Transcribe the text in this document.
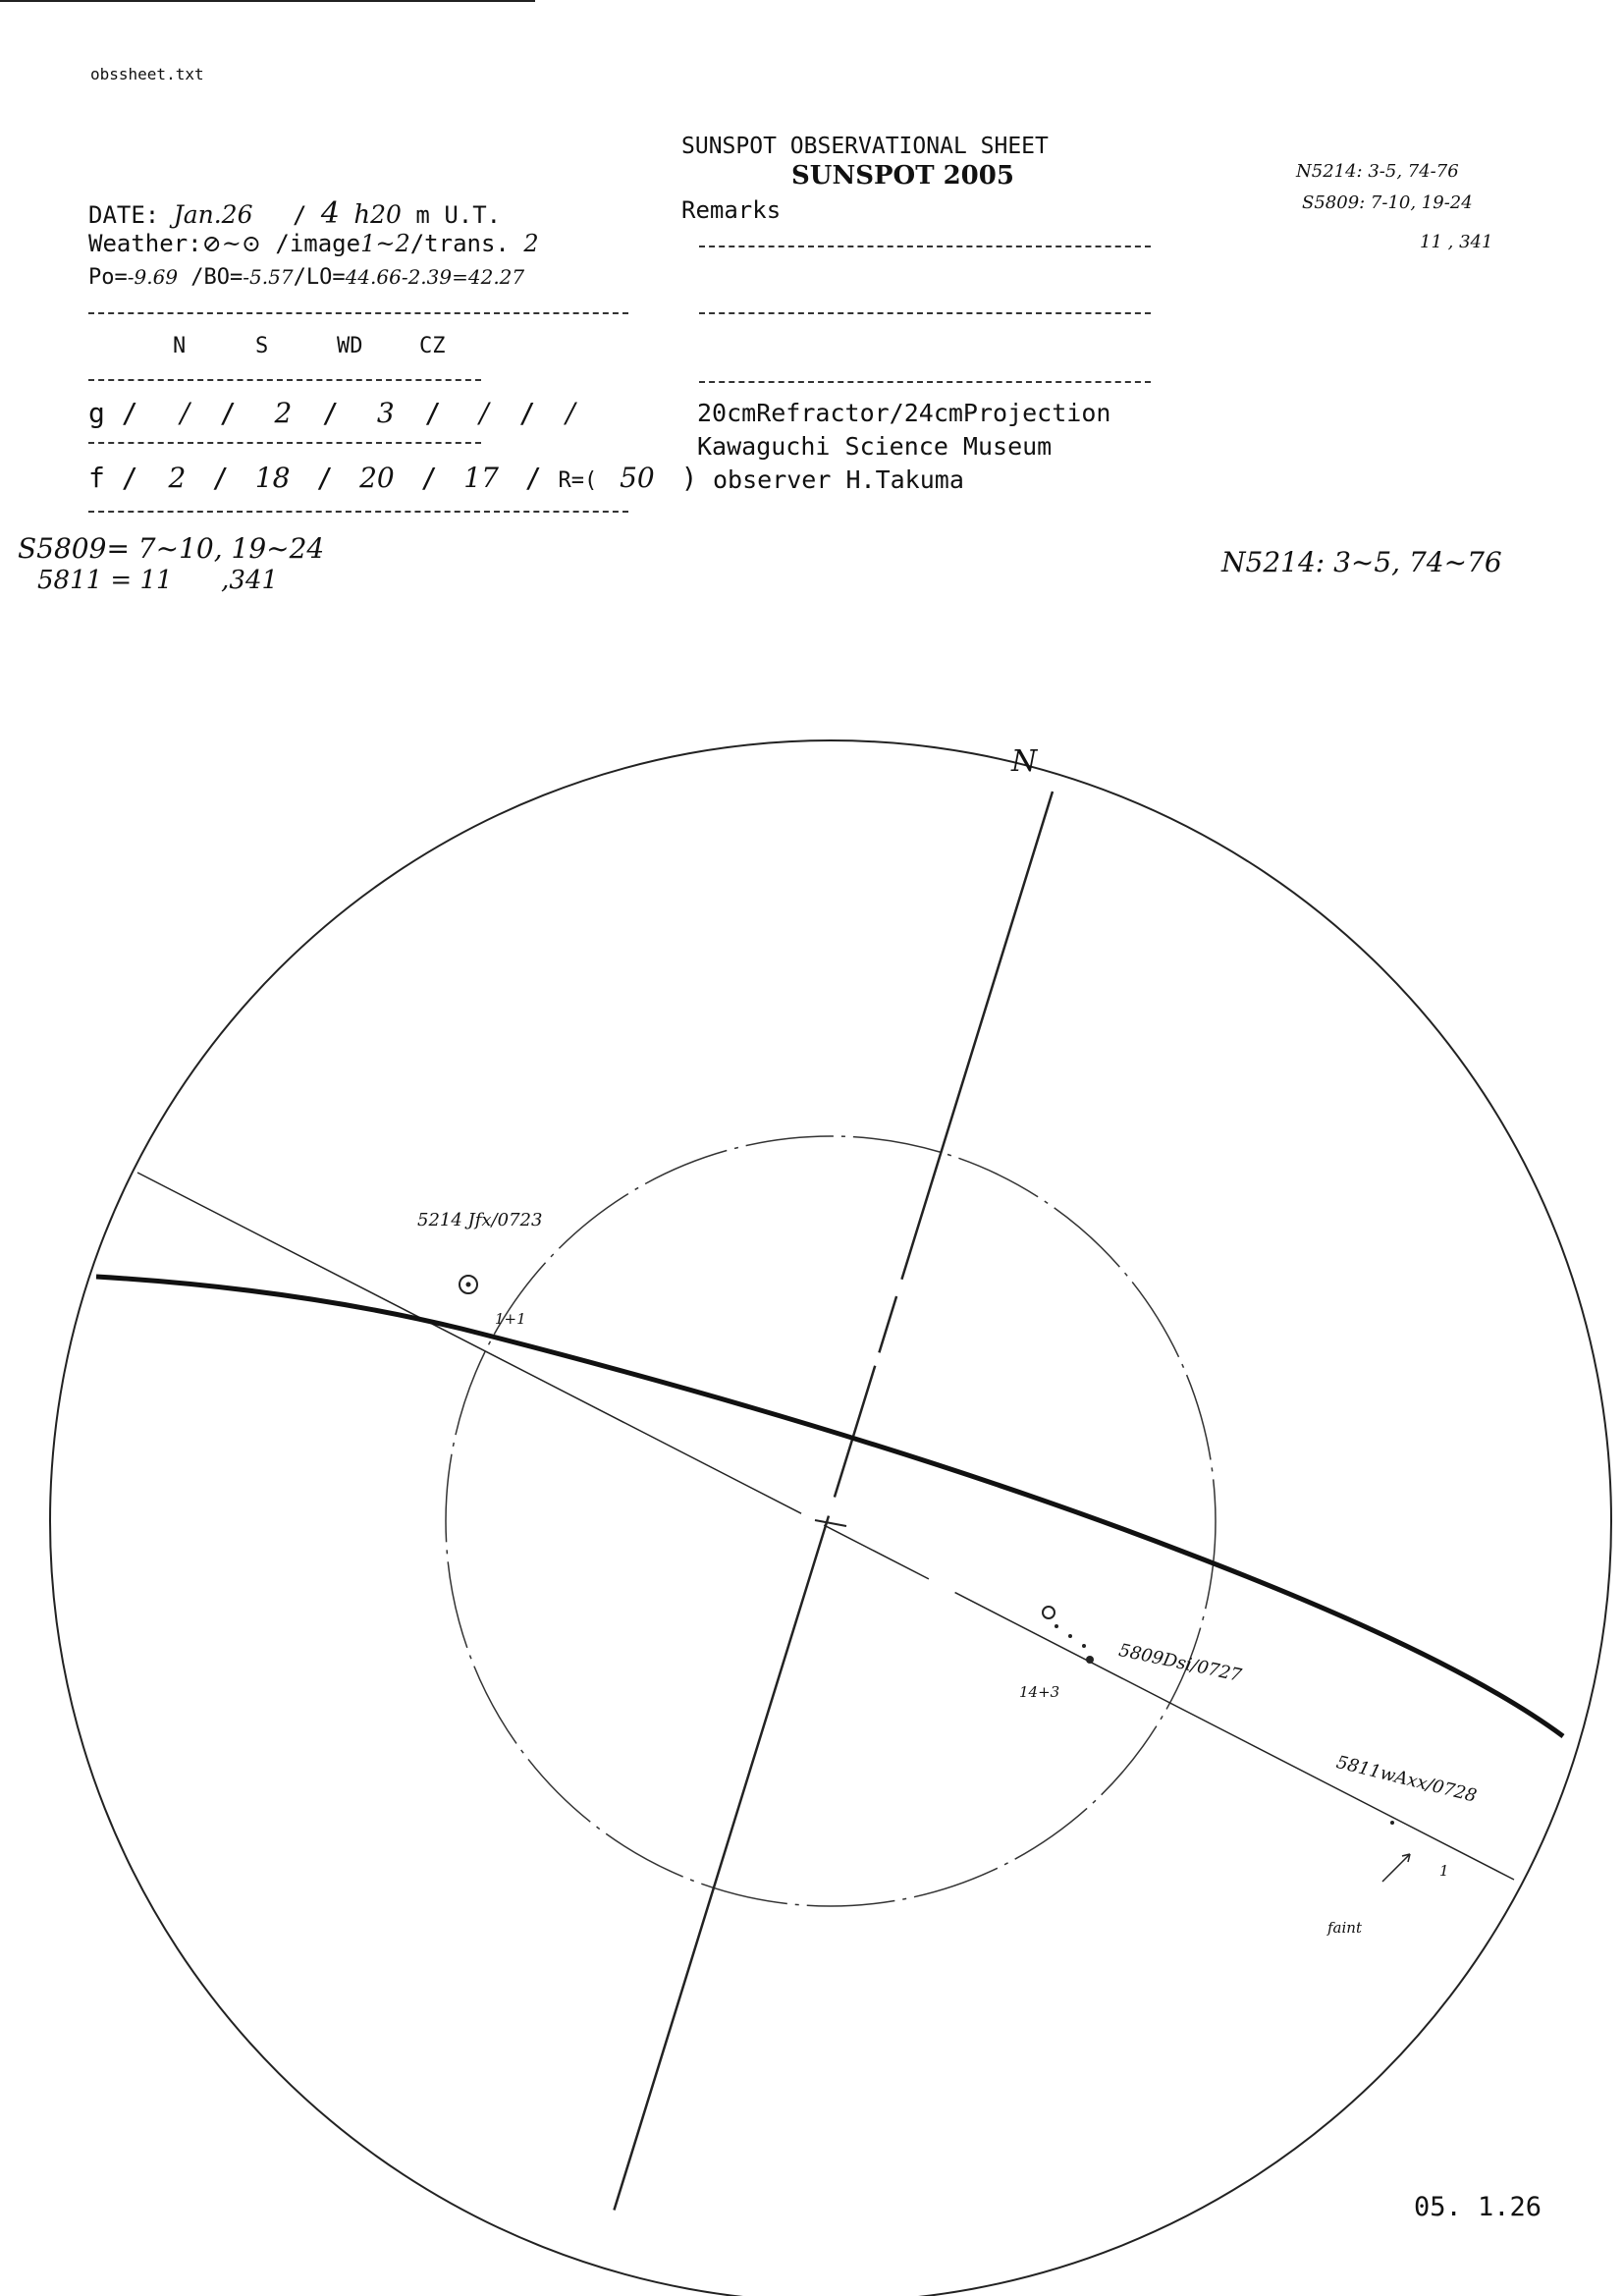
obssheet.txt
SUNSPOT OBSERVATIONAL SHEET
SUNSPOT 2005
Remarks
DATE: Jan.26 / 4 h20 m U.T.
Weather:⊘~⊙ /image1~2/trans. 2
Po=-9.69 /BO=-5.57/LO=44.66-2.39=42.27
N	S	WD	CZ
g / / / 2 / 3 / / / /
f / 2 / 18 / 20 / 17 / R=( 50 )
20cmRefractor/24cmProjection
Kawaguchi Science Museum
observer H.Takuma
N5214: 3-5, 74-76
S5809: 7-10, 19-24
11 , 341
S5809= 7~10, 19~24
5811 = 11      ,341
N5214: 3~5, 74~76
N
5214 Jfx/0723
1+1
5809Dsi/0727
14+3
5811wAxx/0728
1
faint
05. 1.26
